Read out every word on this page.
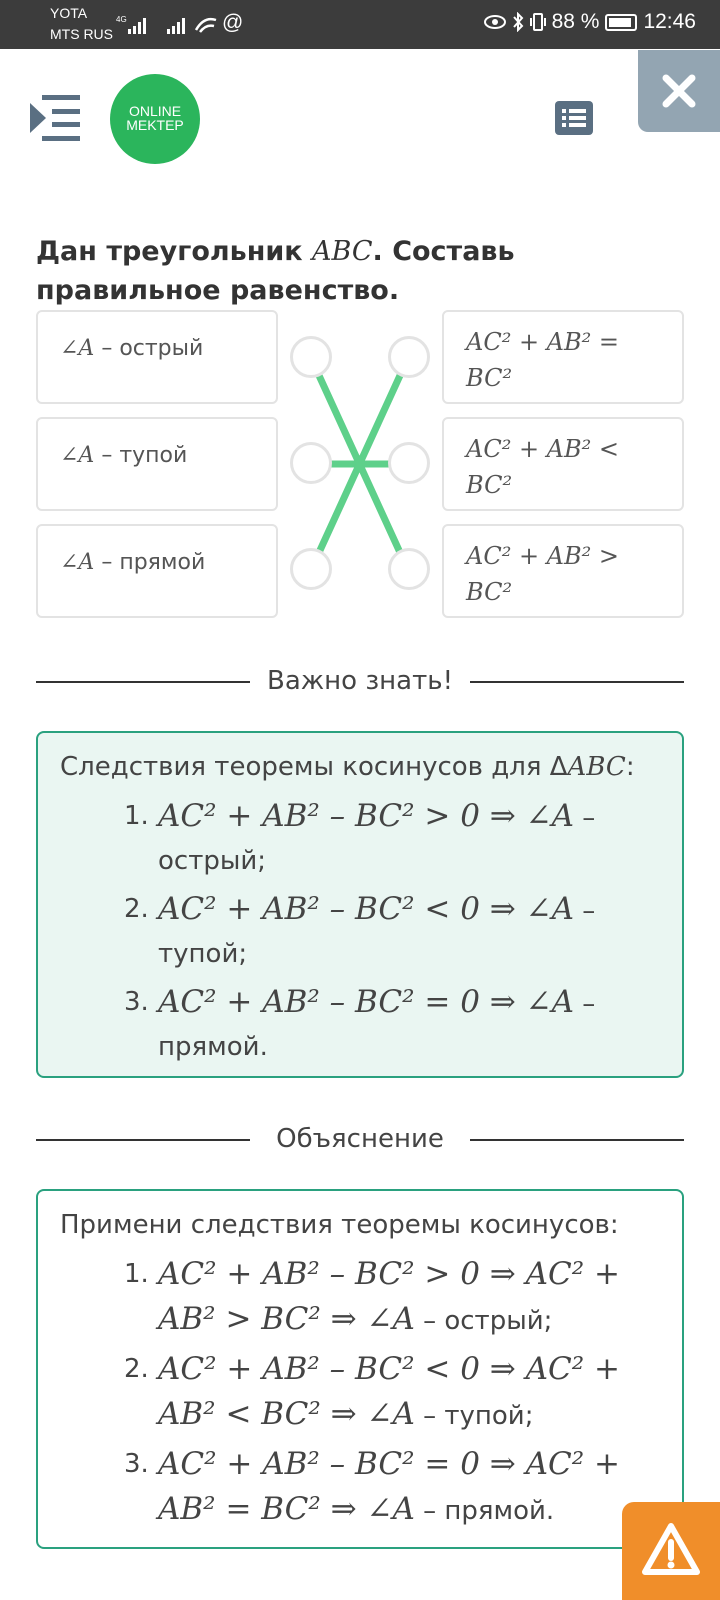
YOTA
MTS RUS
4G	@	88 % 12:46
ONLINE
MEKTEP
Дан треугольник ABC. Составь правильное равенство.
∠A – острый
∠A – тупой
∠A – прямой
AC² + AB² =
BC²
AC² + AB² <
BC²
AC² + AB² >
BC²
Важно знать!
Следствия теоремы косинусов для ΔABC:
1. AC² + AB² – BC² > 0 ⇒ ∠A – острый;
2. AC² + AB² – BC² < 0 ⇒ ∠A – тупой;
3. AC² + AB² – BC² = 0 ⇒ ∠A – прямой.
Объяснение
Примени следствия теоремы косинусов:
1. AC² + AB² – BC² > 0 ⇒ AC² + AB² > BC² ⇒ ∠A – острый;
2. AC² + AB² – BC² < 0 ⇒ AC² + AB² < BC² ⇒ ∠A – тупой;
3. AC² + AB² – BC² = 0 ⇒ AC² + AB² = BC² ⇒ ∠A – прямой.
